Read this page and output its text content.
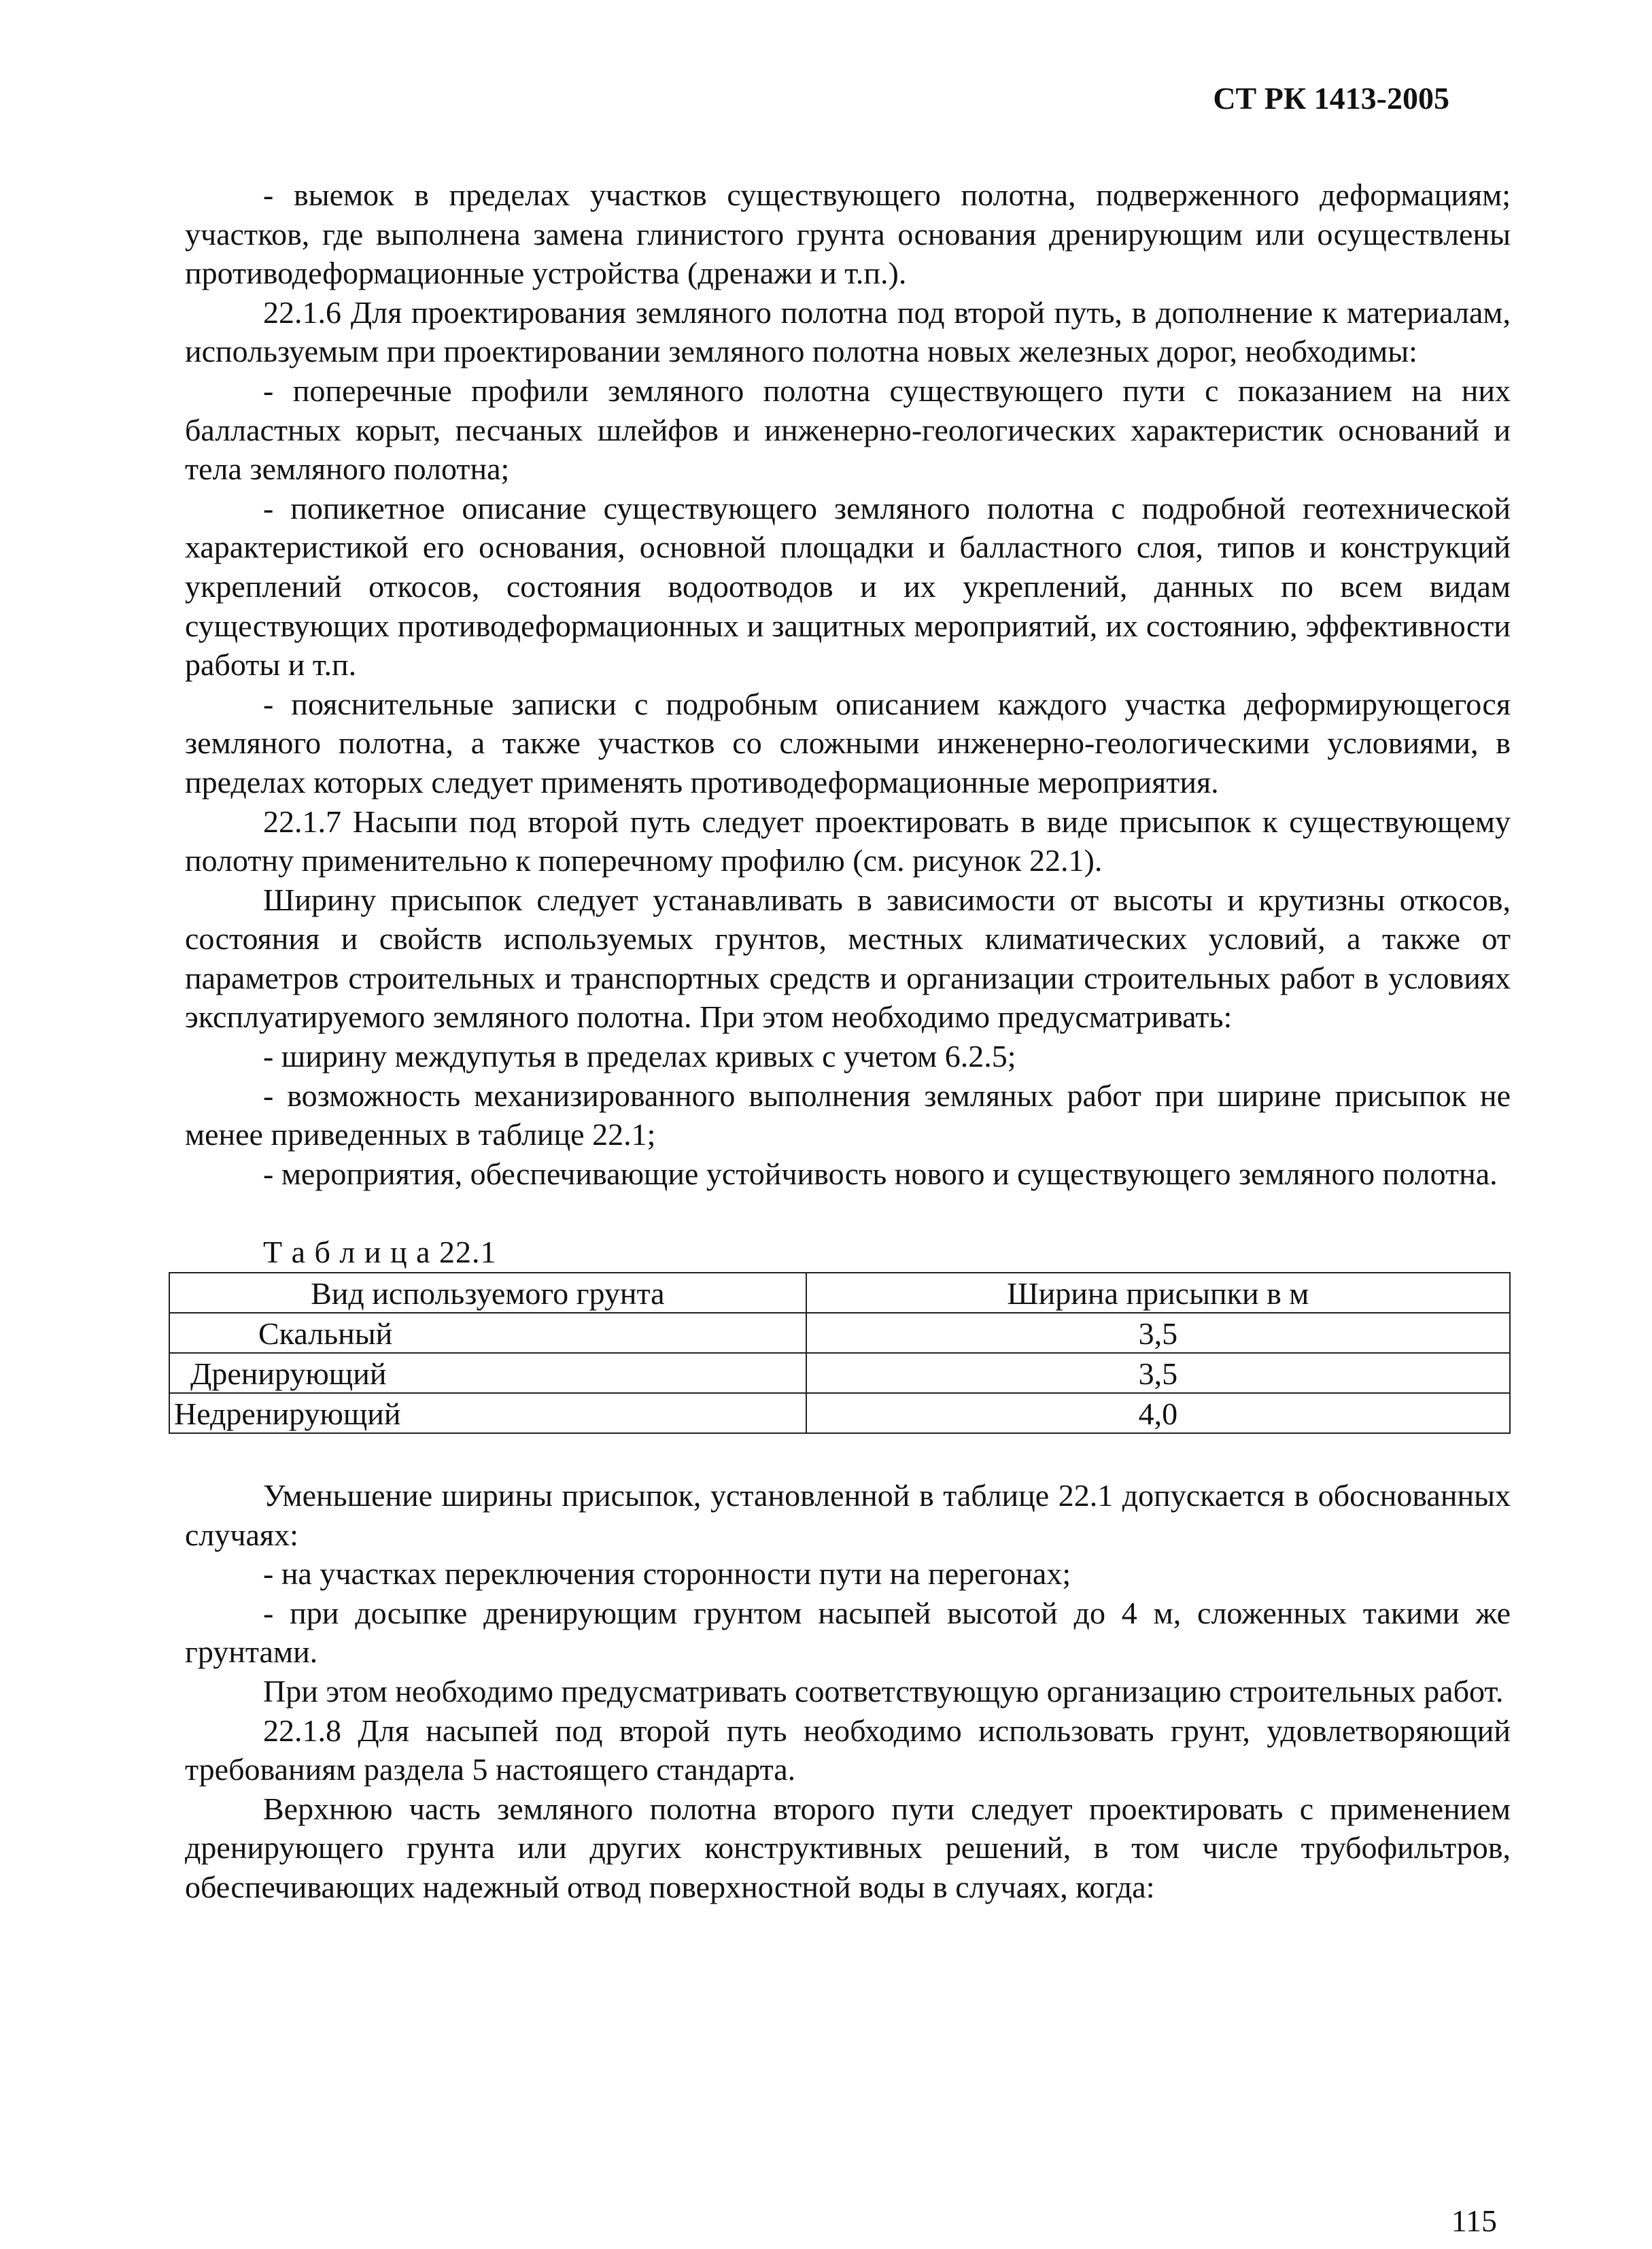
СТ РК 1413-2005

- выемок в пределах участков существующего полотна, подверженного деформациям; участков, где выполнена замена глинистого грунта основания дренирующим или осуществлены противодеформационные устройства (дренажи и т.п.).

22.1.6 Для проектирования земляного полотна под второй путь, в дополнение к материалам, используемым при проектировании земляного полотна новых железных дорог, необходимы:

- поперечные профили земляного полотна существующего пути с показанием на них балластных корыт, песчаных шлейфов и инженерно-геологических характеристик оснований и тела земляного полотна;

- попикетное описание существующего земляного полотна с подробной геотехнической характеристикой его основания, основной площадки и балластного слоя, типов и конструкций укреплений откосов, состояния водоотводов и их укреплений, данных по всем видам существующих противодеформационных и защитных мероприятий, их состоянию, эффективности работы и т.п.

- пояснительные записки с подробным описанием каждого участка деформирующегося земляного полотна, а также участков со сложными инженерно-геологическими условиями, в пределах которых следует применять противодеформационные мероприятия.

22.1.7 Насыпи под второй путь следует проектировать в виде присыпок к существующему полотну применительно к поперечному профилю (см. рисунок 22.1).

Ширину присыпок следует устанавливать в зависимости от высоты и крутизны откосов, состояния и свойств используемых грунтов, местных климатических условий, а также от параметров строительных и транспортных средств и организации строительных работ в условиях эксплуатируемого земляного полотна. При этом необходимо предусматривать:

- ширину междупутья в пределах кривых с учетом 6.2.5;

- возможность механизированного выполнения земляных работ при ширине присыпок не менее приведенных в таблице 22.1;

- мероприятия, обеспечивающие устойчивость нового и существующего земляного полотна.

Т а б л и ц а 22.1

Вид используемого грунта	Ширина присыпки в м
Скальный	3,5
Дренирующий	3,5
Недренирующий	4,0

Уменьшение ширины присыпок, установленной в таблице 22.1 допускается в обоснованных случаях:

- на участках переключения сторонности пути на перегонах;

- при досыпке дренирующим грунтом насыпей высотой до 4 м, сложенных такими же грунтами.

При этом необходимо предусматривать соответствующую организацию строительных работ.

22.1.8 Для насыпей под второй путь необходимо использовать грунт, удовлетворяющий требованиям раздела 5 настоящего стандарта.

Верхнюю часть земляного полотна второго пути следует проектировать с применением дренирующего грунта или других конструктивных решений, в том числе трубофильтров, обеспечивающих надежный отвод поверхностной воды в случаях, когда:

115
